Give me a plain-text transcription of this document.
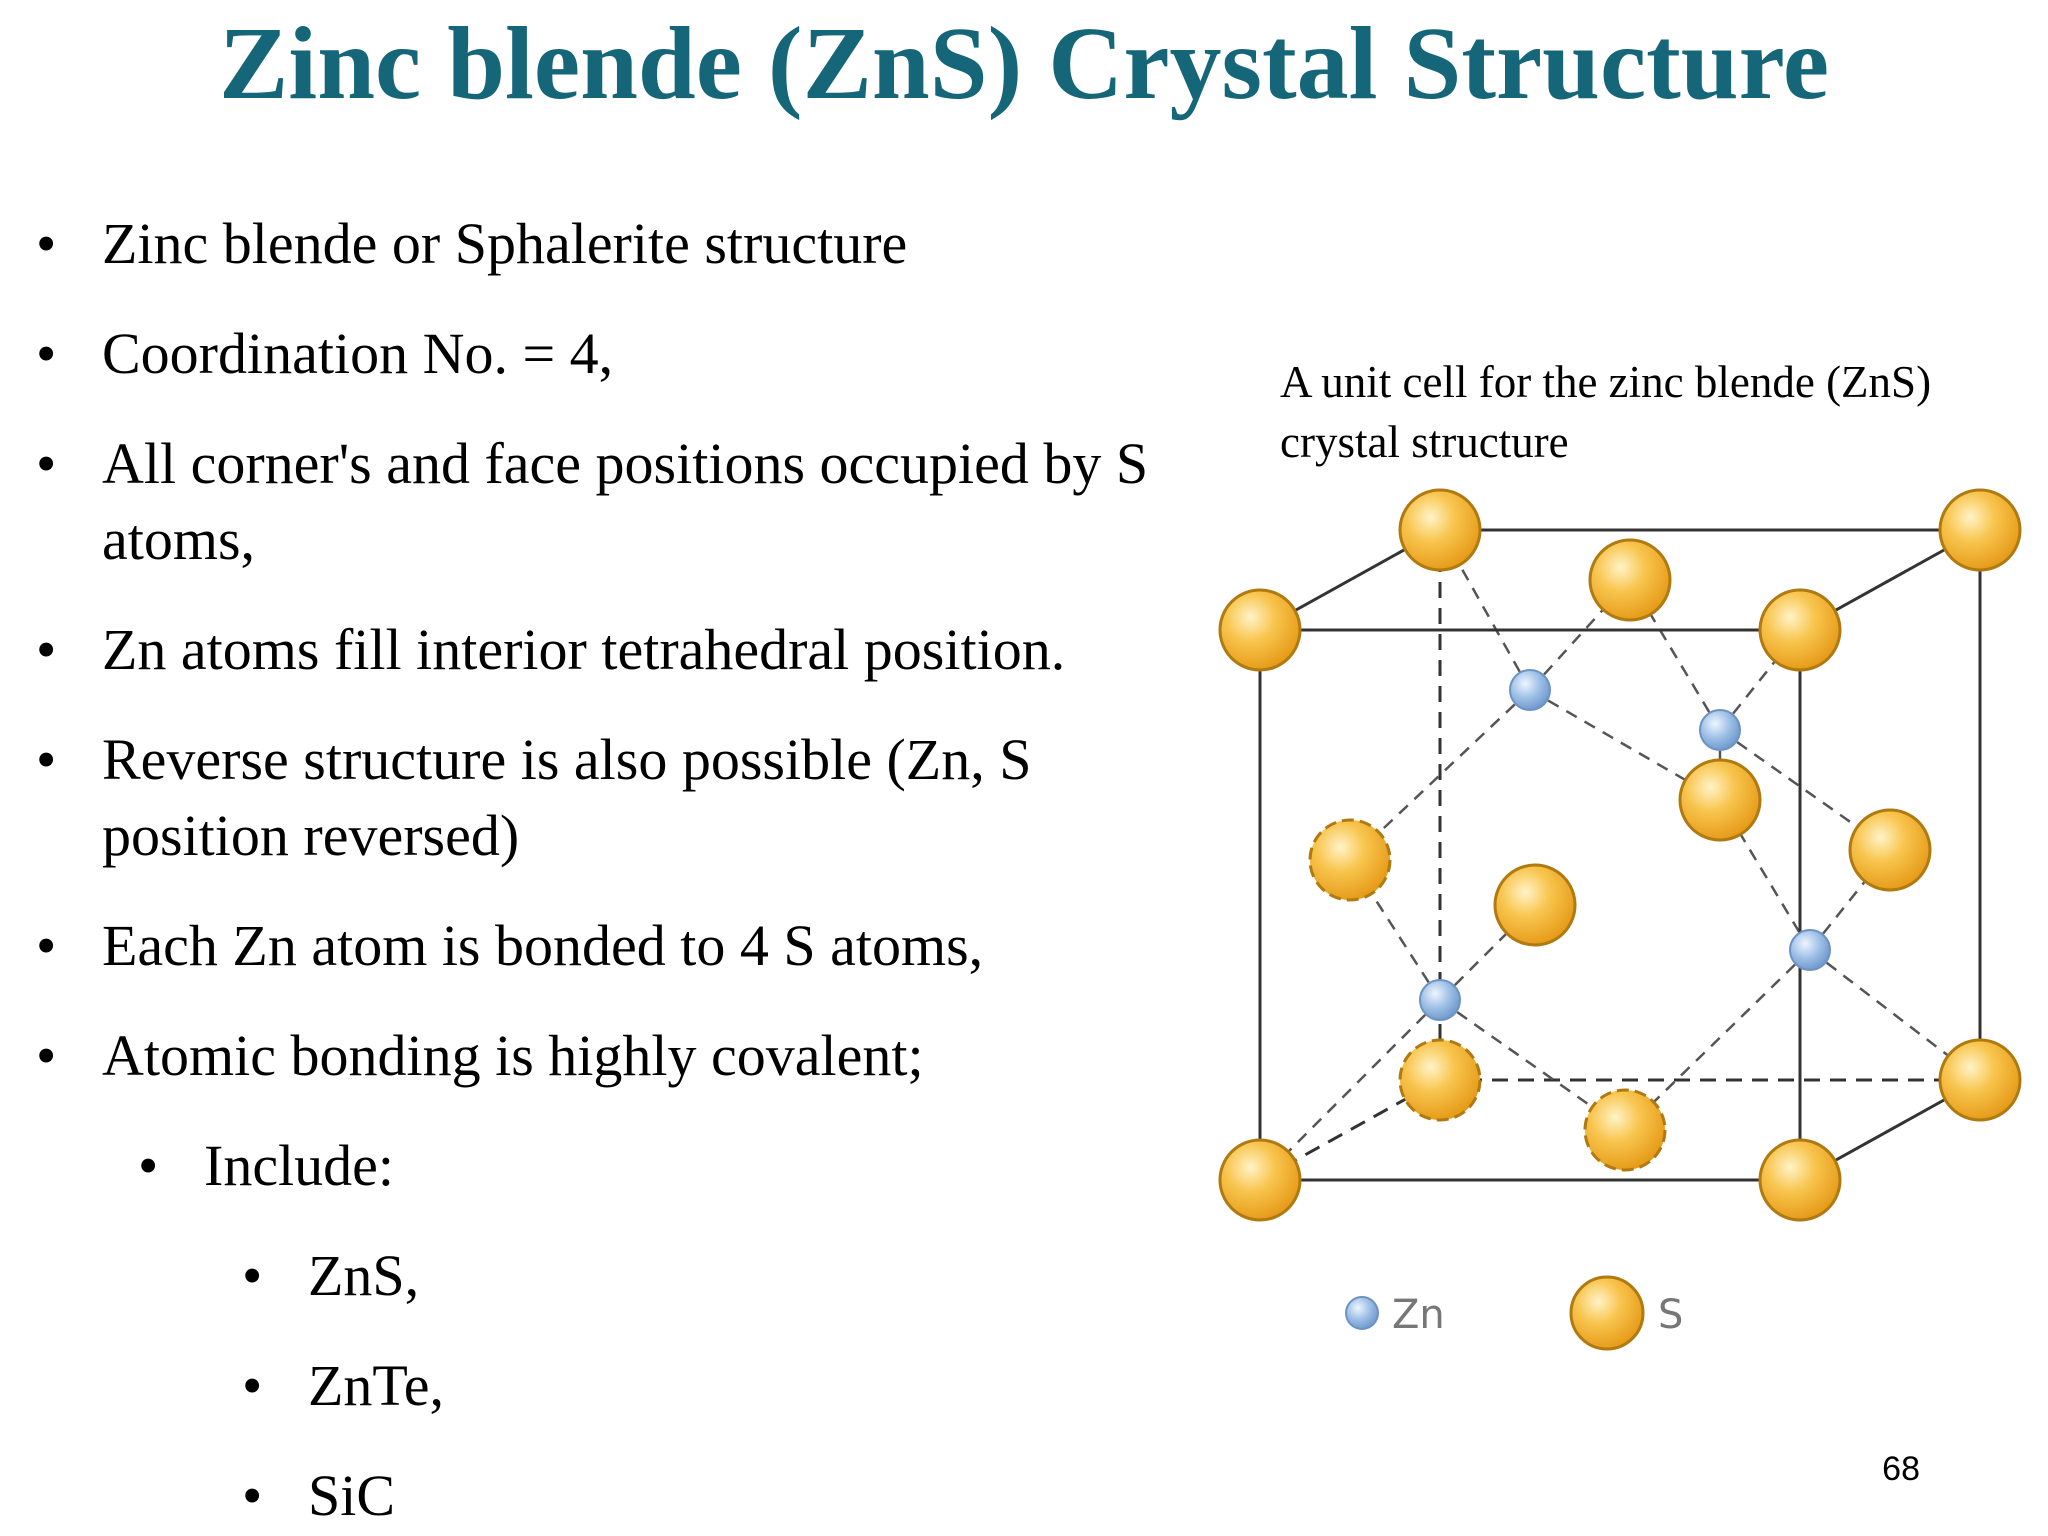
Zinc blende (ZnS) Crystal Structure
• Zinc blende or Sphalerite structure
• Coordination No. = 4,
• All corner's and face positions occupied by S
atoms,
• Zn atoms fill interior tetrahedral position.
• Reverse structure is also possible (Zn, S
position reversed)
• Each Zn atom is bonded to 4 S atoms,
• Atomic bonding is highly covalent;
• Include:
• ZnS,
• ZnTe,
• SiC

A unit cell for the zinc blende (ZnS)
crystal structure

Zn	S
68
